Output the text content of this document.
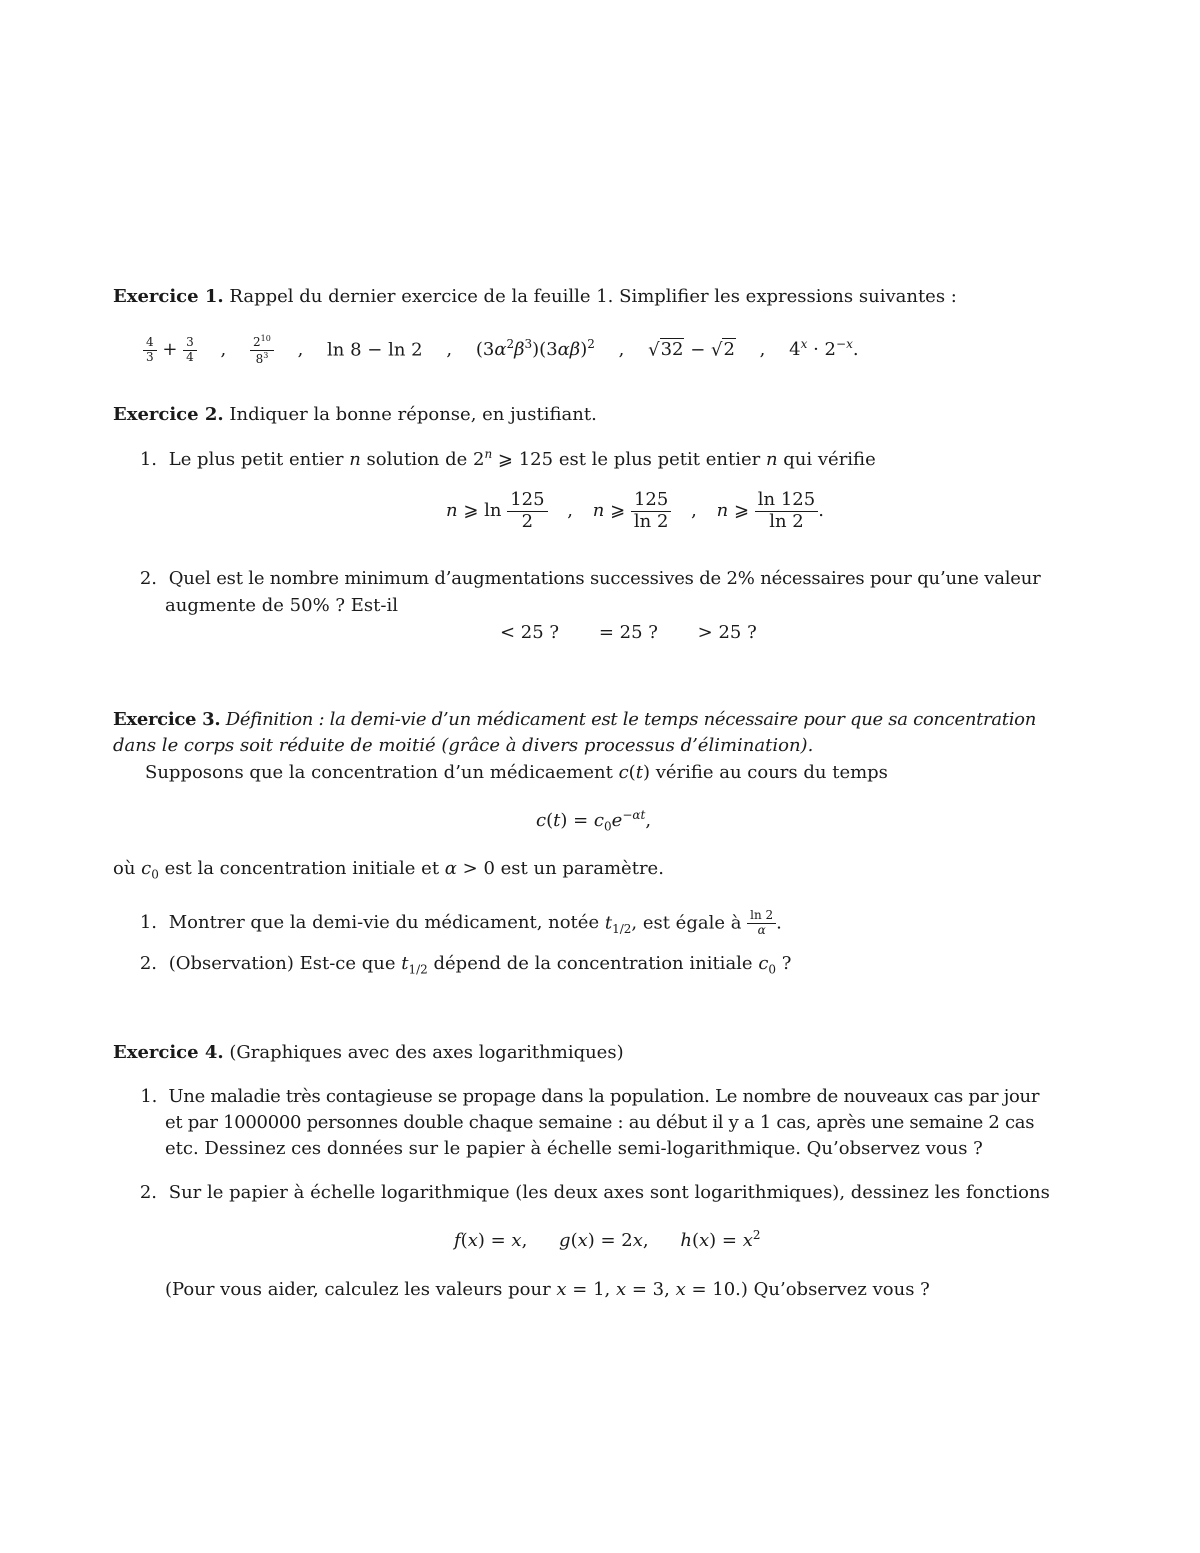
Exercice 1. Rappel du dernier exercice de la feuille 1. Simplifier les expressions suivantes :
$\frac{4}{3} + \frac{3}{4}$ , $\frac{2^{10}}{8^3}$ , ln 8 − ln 2 , $(3\alpha^2\beta^3)(3\alpha\beta)^2$ , √32 − √2 , $4^x \cdot 2^{-x}$.
Exercice 2. Indiquer la bonne réponse, en justifiant.
1. Le plus petit entier n solution de 2$^n$ ⩾ 125 est le plus petit entier n qui vérifie
n ⩾ $\ln \frac{125}{2}$ , n ⩾ $\frac{125}{\ln 2}$ , n ⩾ $\frac{\ln 125}{\ln 2}$ .
2. Quel est le nombre minimum d’augmentations successives de 2% nécessaires pour qu’une valeur
augmente de 50% ? Est-il
< 25 ? = 25 ? > 25 ?
Exercice 3. Définition : la demi-vie d’un médicament est le temps nécessaire pour que sa concentration
dans le corps soit réduite de moitié (grâce à divers processus d’élimination).
Supposons que la concentration d’un médicaement c(t) vérifie au cours du temps
$c(t) = c_0e^{-\alpha t}$,
où $c_0$ est la concentration initiale et α > 0 est un paramètre.
1. Montrer que la demi-vie du médicament, notée $t_{1/2}$, est égale à $\frac{\ln 2}{\alpha}$ .
2. (Observation) Est-ce que $t_{1/2}$ dépend de la concentration initiale $c_0$ ?
Exercice 4. (Graphiques avec des axes logarithmiques)
1. Une maladie très contagieuse se propage dans la population. Le nombre de nouveaux cas par jour
et par 1000000 personnes double chaque semaine : au début il y a 1 cas, après une semaine 2 cas
etc. Dessinez ces données sur le papier à échelle semi-logarithmique. Qu’observez vous ?
2. Sur le papier à échelle logarithmique (les deux axes sont logarithmiques), dessinez les fonctions
f(x) = x, g(x) = 2x, $h(x) = x^2$
(Pour vous aider, calculez les valeurs pour x = 1, x = 3, x = 10.) Qu’observez vous ?
